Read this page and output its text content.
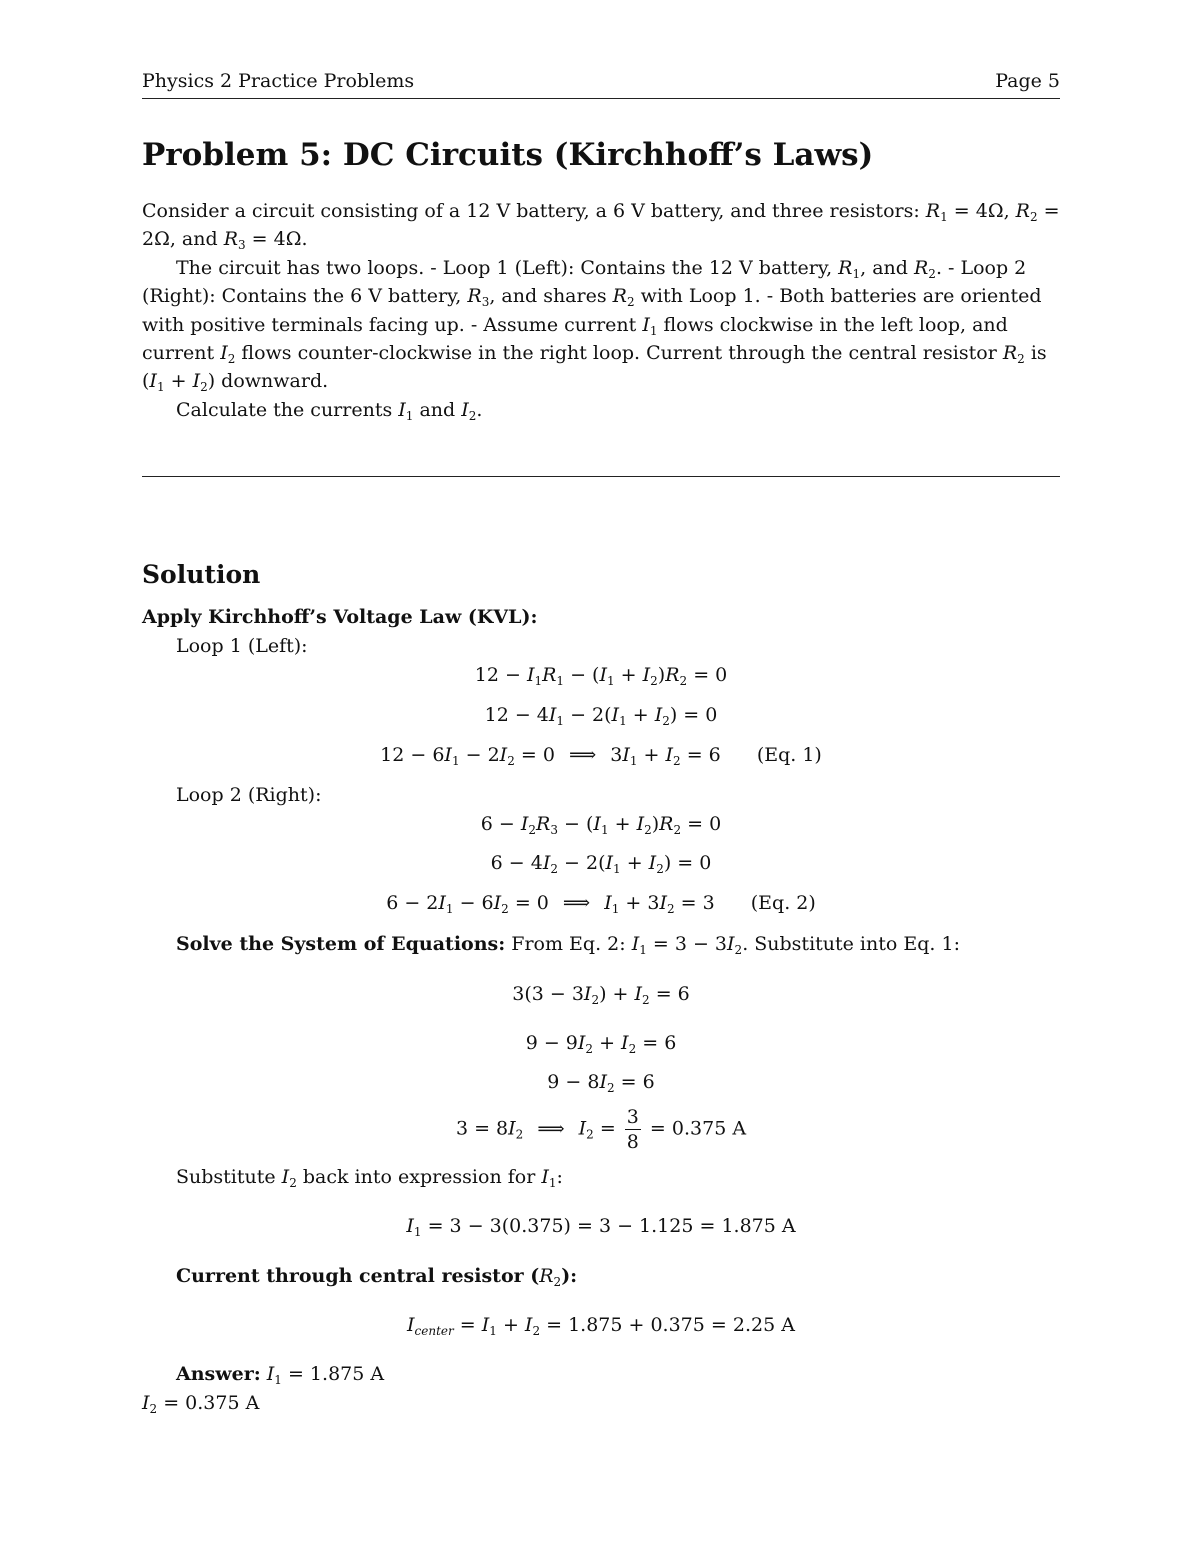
Physics 2 Practice Problems	Page 5
Problem 5: DC Circuits (Kirchhoff’s Laws)

Consider a circuit consisting of a 12 V battery, a 6 V battery, and three resistors: $R_1 = 4\Omega$, $R_2 = 2\Omega$, and $R_3 = 4\Omega$.

The circuit has two loops. - Loop 1 (Left): Contains the 12 V battery, $R_1$, and $R_2$. - Loop 2 (Right): Contains the 6 V battery, $R_3$, and shares $R_2$ with Loop 1. - Both batteries are oriented with positive terminals facing up. - Assume current $I_1$ flows clockwise in the left loop, and current $I_2$ flows counter-clockwise in the right loop. Current through the central resistor $R_2$ is $(I_1 + I_2)$ downward.

Calculate the currents $I_1$ and $I_2$.

Solution
Apply Kirchhoff’s Voltage Law (KVL):
Loop 1 (Left):
$12 - I_1R_1 - (I_1 + I_2)R_2 = 0$
$12 - 4I_1 - 2(I_1 + I_2) = 0$
$12 - 6I_1 - 2I_2 = 0$ ⟹ $3I_1 + I_2 = 6$ (Eq. 1)
Loop 2 (Right):
$6 - I_2R_3 - (I_1 + I_2)R_2 = 0$
$6 - 4I_2 - 2(I_1 + I_2) = 0$
$6 - 2I_1 - 6I_2 = 0$ ⟹ $I_1 + 3I_2 = 3$ (Eq. 2)
Solve the System of Equations: From Eq. 2: $I_1 = 3 - 3I_2$. Substitute into Eq. 1:
$3(3 - 3I_2) + I_2 = 6$
$9 - 9I_2 + I_2 = 6$
$9 - 8I_2 = 6$
$3 = 8I_2$ ⟹ $I_2 = \frac{3}{8} = 0.375$ A
Substitute $I_2$ back into expression for $I_1$:
$I_1 = 3 - 3(0.375) = 3 - 1.125 = 1.875$ A
Current through central resistor $(R_2)$:
$I_{center} = I_1 + I_2 = 1.875 + 0.375 = 2.25$ A
Answer: $I_1 = 1.875$ A
$I_2 = 0.375$ A
